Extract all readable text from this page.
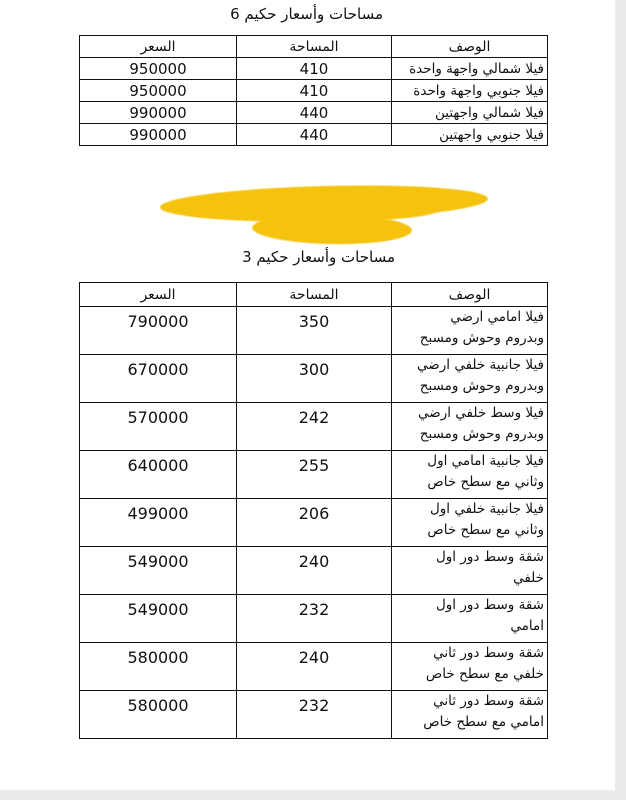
مساحات وأسعار حكيم 6
الوصف	المساحة	السعر
فيلا شمالي واجهة واحدة	410	950000
فيلا جنوبي واجهة واحدة	410	950000
فيلا شمالي واجهتين	440	990000
فيلا جنوبي واجهتين	440	990000
مساحات وأسعار حكيم 3
الوصف	المساحة	السعر

فيلا امامي ارضي
وبدروم وحوش ومسبح	350	790000

فيلا جانبية خلفي ارضي
وبدروم وحوش ومسبح	300	670000

فيلا وسط خلفي ارضي
وبدروم وحوش ومسبح	242	570000

فيلا جانبية امامي اول
وثاني مع سطح خاص	255	640000

فيلا جانبية خلفي اول
وثاني مع سطح خاص	206	499000

شقة وسط دور اول
خلفي	240	549000

شقة وسط دور اول
امامي	232	549000

شقة وسط دور ثاني
خلفي مع سطح خاص	240	580000

شقة وسط دور ثاني
امامي مع سطح خاص	232	580000
